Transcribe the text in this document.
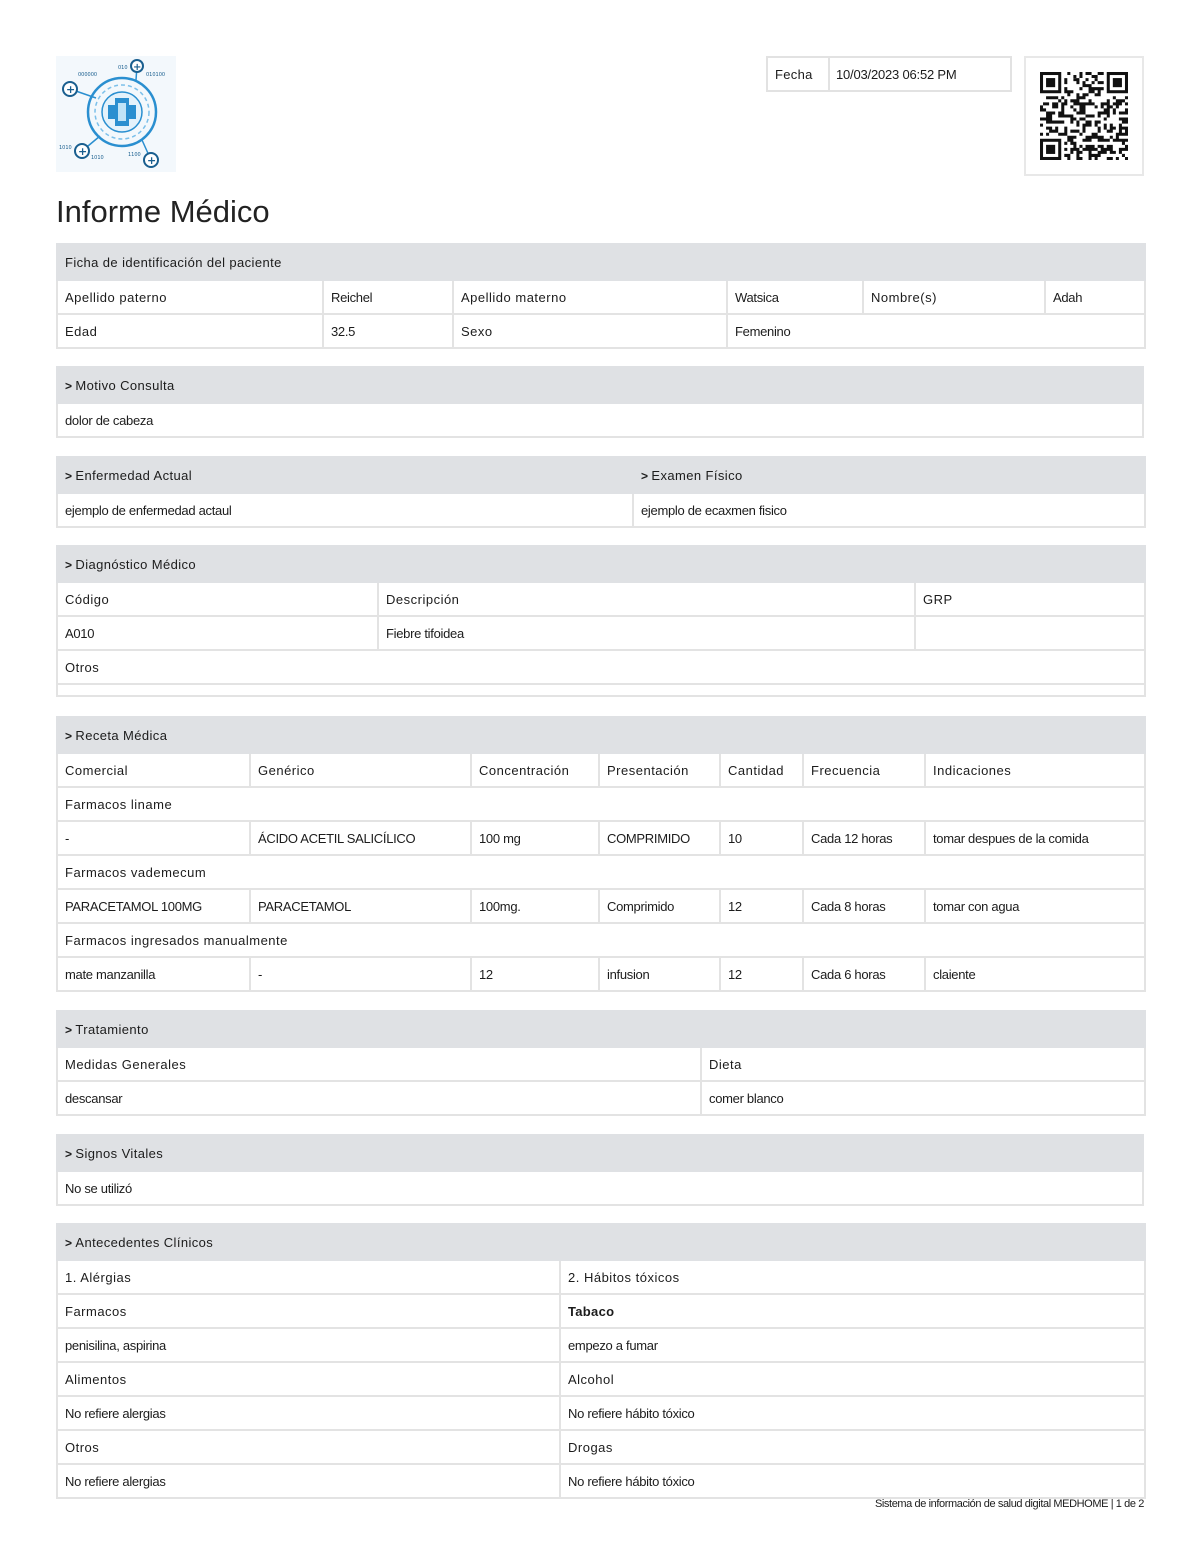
+
+
+
+
000000
010
010100
1010
1100
1010
Fecha	10/03/2023 06:52 PM
Informe Médico
Ficha de identificación del paciente					
Apellido paterno	Reichel	Apellido materno	Watsica	Nombre(s)	Adah
Edad	32.5	Sexo	Femenino		
> Motivo Consulta
dolor de cabeza
> Enfermedad Actual	> Examen Físico
ejemplo de enfermedad actaul	ejemplo de ecaxmen fisico
> Diagnóstico Médico		
Código	Descripción	GRP
A010	Fiebre tifoidea	
Otros		

> Receta Médica						
Comercial	Genérico	Concentración	Presentación	Cantidad	Frecuencia	Indicaciones
Farmacos liname						
-	ÁCIDO ACETIL SALICÍLICO	100 mg	COMPRIMIDO	10	Cada 12 horas	tomar despues de la comida
Farmacos vademecum						
PARACETAMOL 100MG	PARACETAMOL	100mg.	Comprimido	12	Cada 8 horas	tomar con agua
Farmacos ingresados manualmente						
mate manzanilla	-	12	infusion	12	Cada 6 horas	claiente
> Tratamiento	
Medidas Generales	Dieta
descansar	comer blanco
> Signos Vitales
No se utilizó
> Antecedentes Clínicos	
1. Alérgias	2. Hábitos tóxicos
Farmacos	Tabaco
penisilina, aspirina	empezo a fumar
Alimentos	Alcohol
No refiere alergias	No refiere hábito tóxico
Otros	Drogas
No refiere alergias	No refiere hábito tóxico
Sistema de información de salud digital MEDHOME | 1 de 2
